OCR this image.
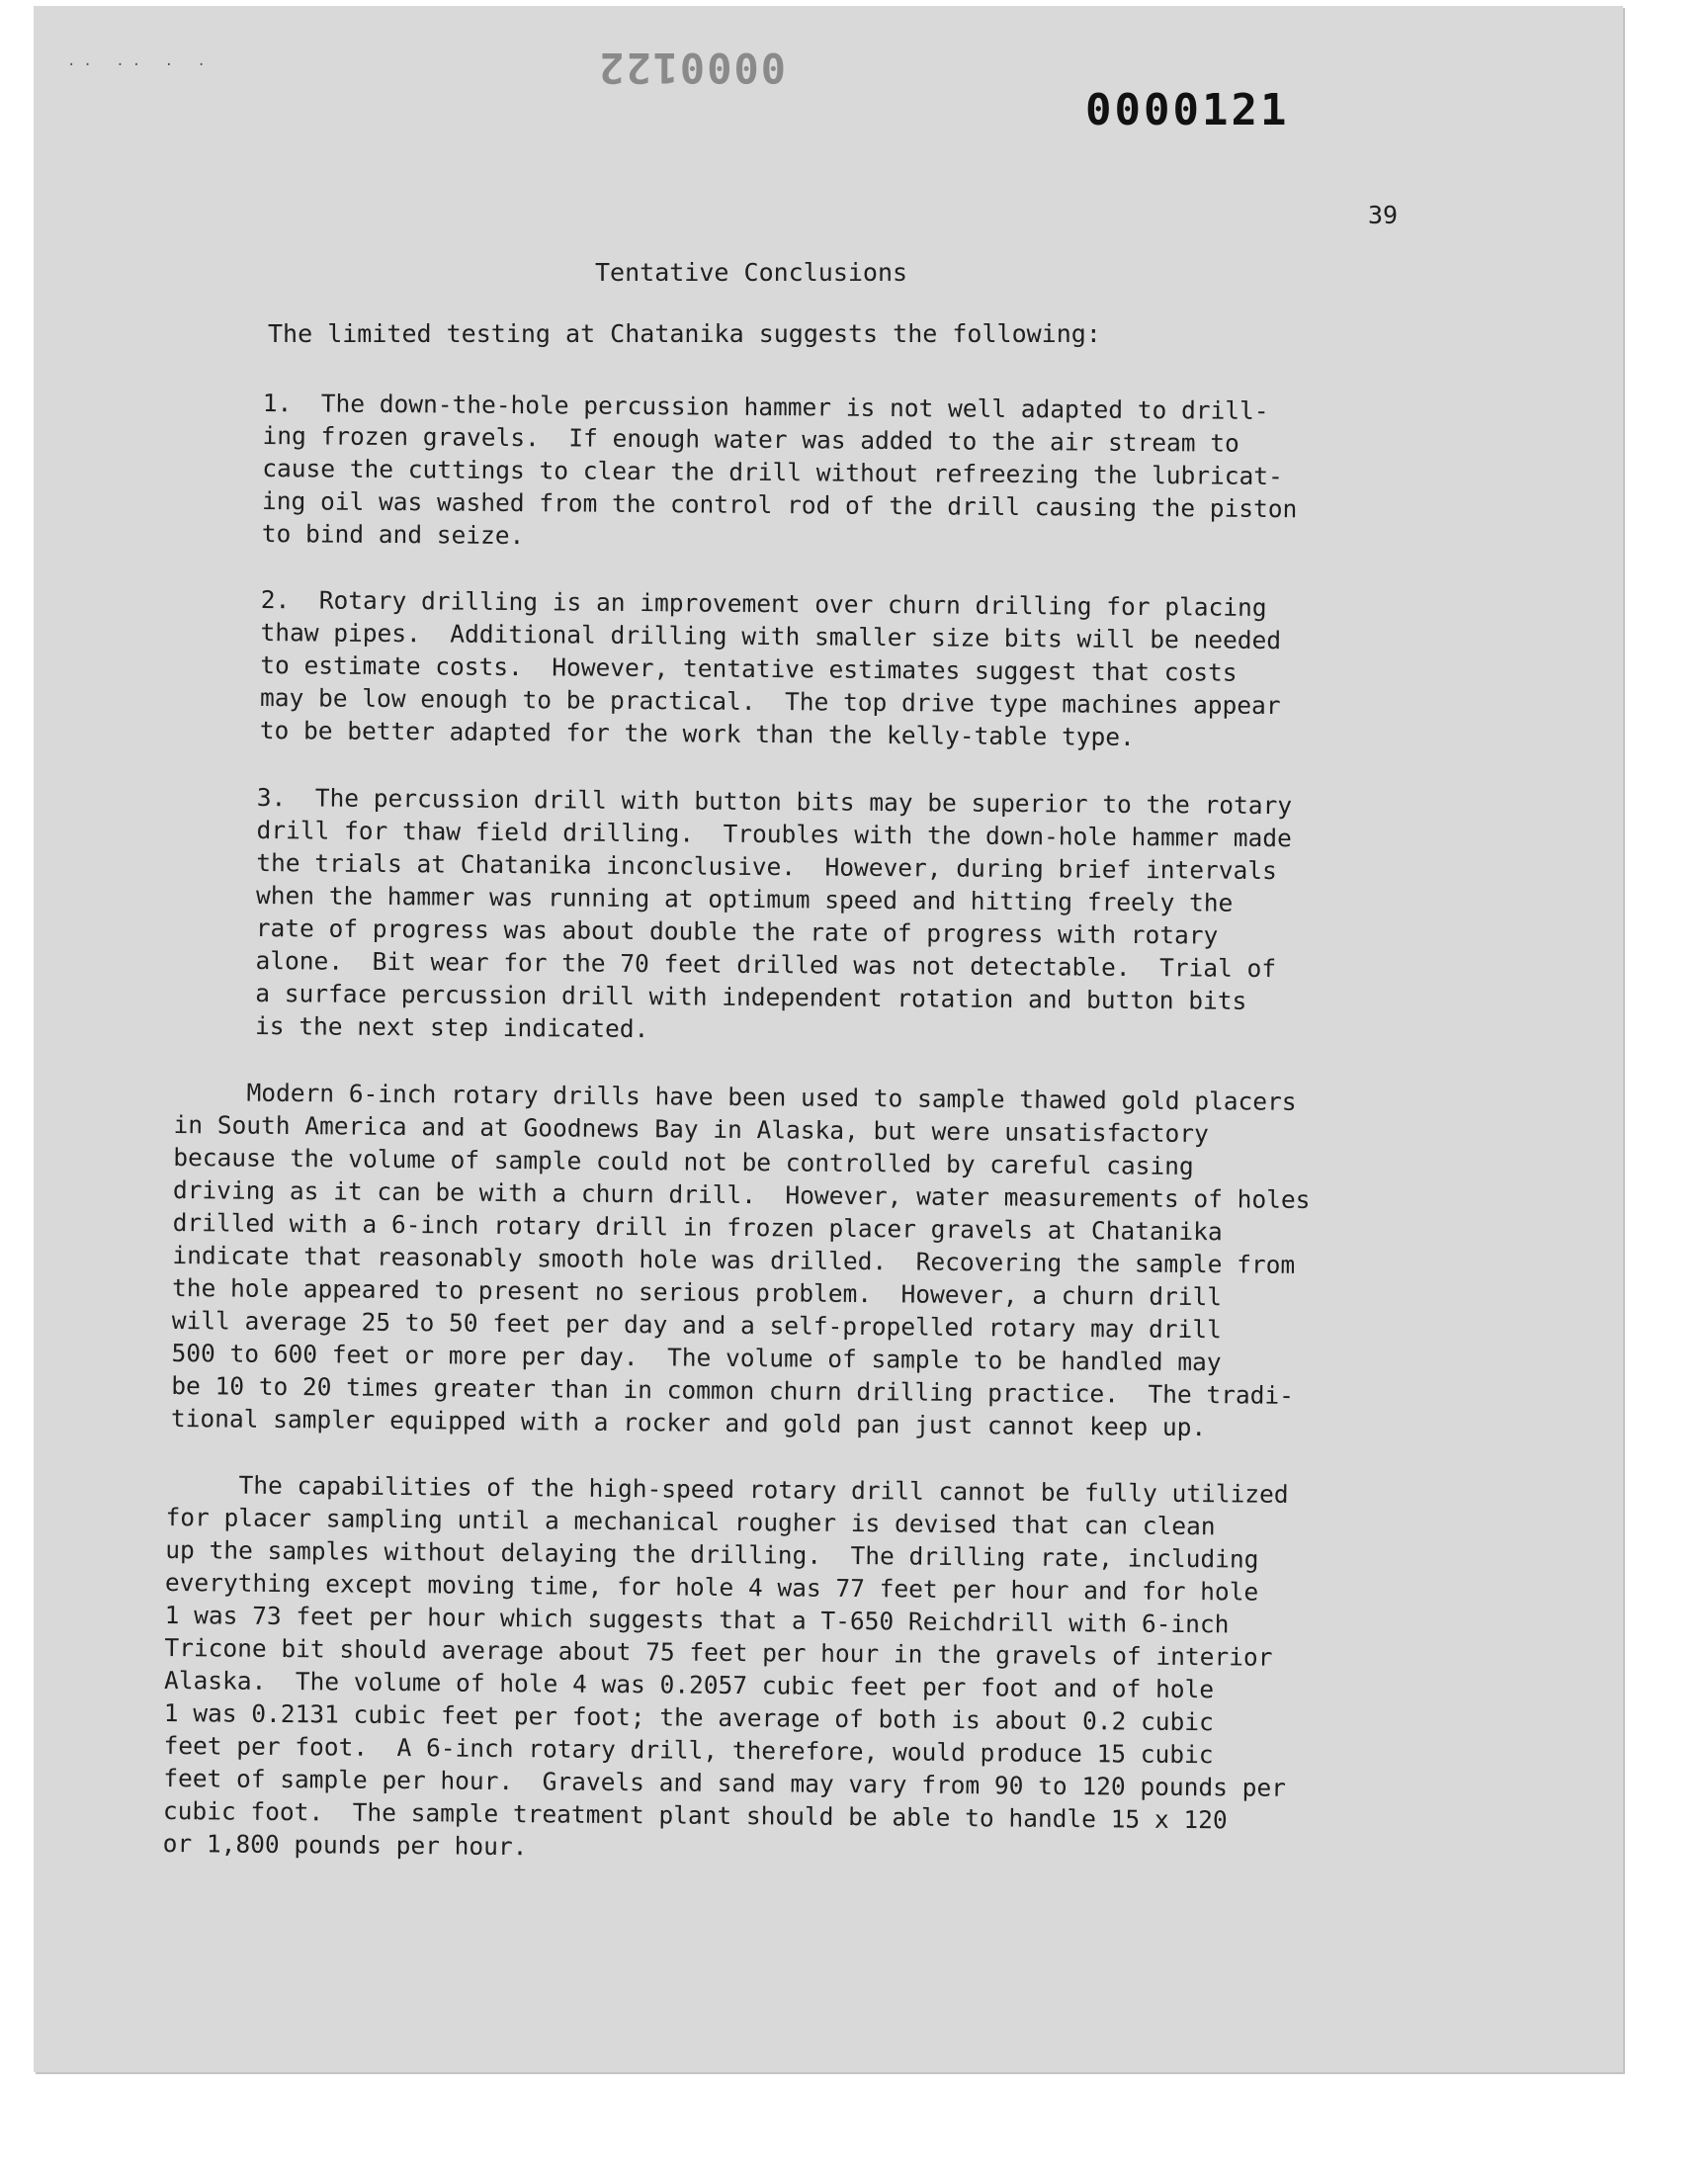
·· ·· · ·	0000122
0000121
39
Tentative Conclusions
The limited testing at Chatanika suggests the following:
1.  The down-the-hole percussion hammer is not well adapted to drill-
ing frozen gravels.  If enough water was added to the air stream to
cause the cuttings to clear the drill without refreezing the lubricat-
ing oil was washed from the control rod of the drill causing the piston
to bind and seize.
2.  Rotary drilling is an improvement over churn drilling for placing
thaw pipes.  Additional drilling with smaller size bits will be needed
to estimate costs.  However, tentative estimates suggest that costs
may be low enough to be practical.  The top drive type machines appear
to be better adapted for the work than the kelly-table type.
3.  The percussion drill with button bits may be superior to the rotary
drill for thaw field drilling.  Troubles with the down-hole hammer made
the trials at Chatanika inconclusive.  However, during brief intervals
when the hammer was running at optimum speed and hitting freely the
rate of progress was about double the rate of progress with rotary
alone.  Bit wear for the 70 feet drilled was not detectable.  Trial of
a surface percussion drill with independent rotation and button bits
is the next step indicated.
Modern 6-inch rotary drills have been used to sample thawed gold placers
in South America and at Goodnews Bay in Alaska, but were unsatisfactory
because the volume of sample could not be controlled by careful casing
driving as it can be with a churn drill.  However, water measurements of holes
drilled with a 6-inch rotary drill in frozen placer gravels at Chatanika
indicate that reasonably smooth hole was drilled.  Recovering the sample from
the hole appeared to present no serious problem.  However, a churn drill
will average 25 to 50 feet per day and a self-propelled rotary may drill
500 to 600 feet or more per day.  The volume of sample to be handled may
be 10 to 20 times greater than in common churn drilling practice.  The tradi-
tional sampler equipped with a rocker and gold pan just cannot keep up.
The capabilities of the high-speed rotary drill cannot be fully utilized
for placer sampling until a mechanical rougher is devised that can clean
up the samples without delaying the drilling.  The drilling rate, including
everything except moving time, for hole 4 was 77 feet per hour and for hole
1 was 73 feet per hour which suggests that a T-650 Reichdrill with 6-inch
Tricone bit should average about 75 feet per hour in the gravels of interior
Alaska.  The volume of hole 4 was 0.2057 cubic feet per foot and of hole
1 was 0.2131 cubic feet per foot; the average of both is about 0.2 cubic
feet per foot.  A 6-inch rotary drill, therefore, would produce 15 cubic
feet of sample per hour.  Gravels and sand may vary from 90 to 120 pounds per
cubic foot.  The sample treatment plant should be able to handle 15 x 120
or 1,800 pounds per hour.
